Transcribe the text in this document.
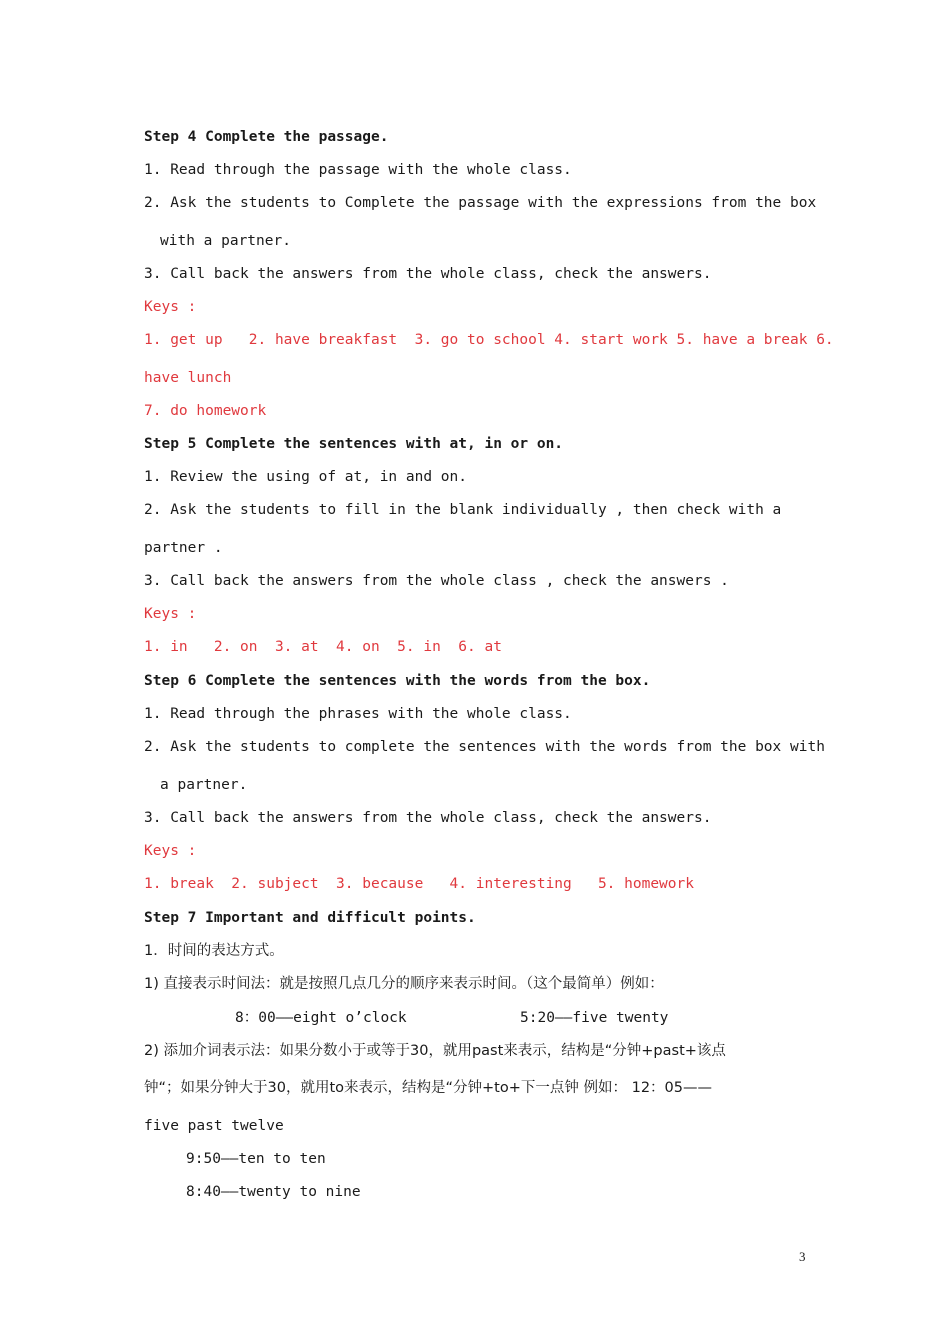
Step 4 Complete the passage.
1. Read through the passage with the whole class.
2. Ask the students to Complete the passage with the expressions from the box
with a partner.
3. Call back the answers from the whole class, check the answers.
Keys :
1. get up   2. have breakfast  3. go to school 4. start work 5. have a break 6.
have lunch
7. do homework
Step 5 Complete the sentences with at, in or on.
1. Review the using of at, in and on.
2. Ask the students to fill in the blank individually , then check with a
partner .
3. Call back the answers from the whole class , check the answers .
Keys :
1. in   2. on  3. at  4. on  5. in  6. at
Step 6 Complete the sentences with the words from the box.
1. Read through the phrases with the whole class.
2. Ask the students to complete the sentences with the words from the box with
a partner.
3. Call back the answers from the whole class, check the answers.
Keys :
1. break  2. subject  3. because   4. interesting   5. homework
Step 7 Important and difficult points.
1．时间的表达方式。
1) 直接表示时间法：就是按照几点几分的顺序来表示时间。（这个最简单）例如：
8：00——eight o’clock	5:20——five twenty
2) 添加介词表示法：如果分数小于或等于30，就用past来表示，结构是“分钟+past+该点
钟“；如果分钟大于30，就用to来表示，结构是“分钟+to+下一点钟 例如： 12：05——
five past twelve
9:50——ten to ten
8:40——twenty to nine
3
